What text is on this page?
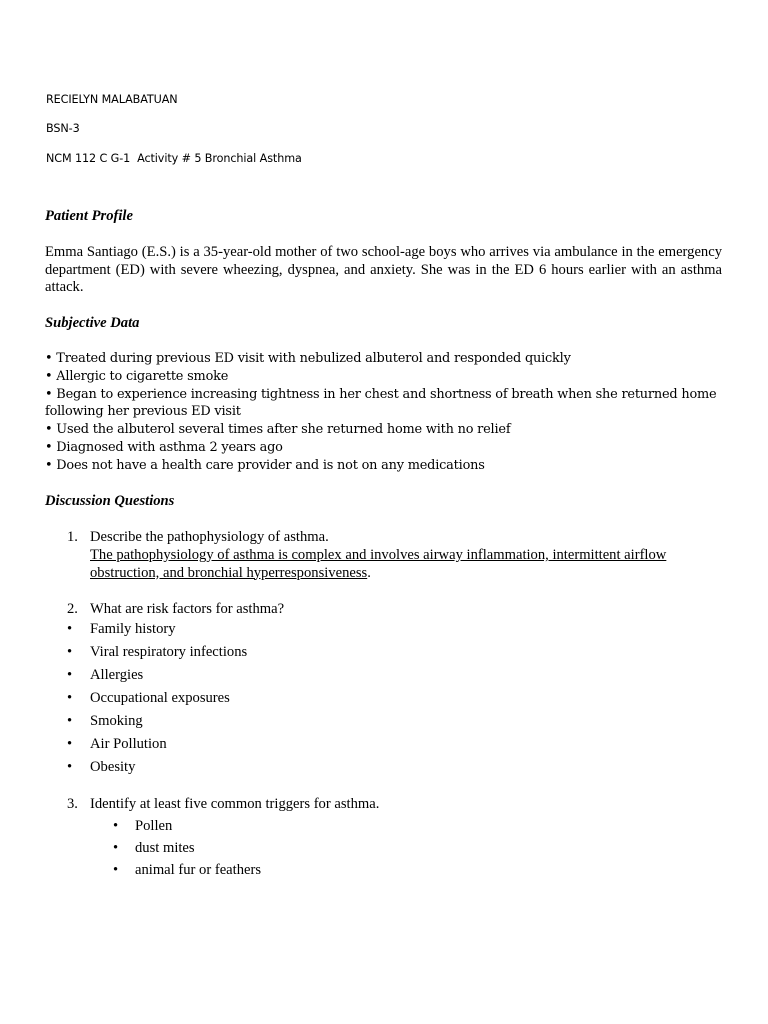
RECIELYN MALABATUAN
BSN-3
NCM 112 C G-1  Activity # 5 Bronchial Asthma
Patient Profile
Emma Santiago (E.S.) is a 35-year-old mother of two school-age boys who arrives via ambulance in the emergency department (ED) with severe wheezing, dyspnea, and anxiety. She was in the ED 6 hours earlier with an asthma attack.
Subjective Data
• Treated during previous ED visit with nebulized albuterol and responded quickly
• Allergic to cigarette smoke
• Began to experience increasing tightness in her chest and shortness of breath when she returned home
following her previous ED visit
• Used the albuterol several times after she returned home with no relief
• Diagnosed with asthma 2 years ago
• Does not have a health care provider and is not on any medications
Discussion Questions
1. Describe the pathophysiology of asthma.
The pathophysiology of asthma is complex and involves airway inflammation, intermittent airflow obstruction, and bronchial hyperresponsiveness.
2. What are risk factors for asthma?
• Family history
• Viral respiratory infections
• Allergies
• Occupational exposures
• Smoking
• Air Pollution
• Obesity
3. Identify at least five common triggers for asthma.
• Pollen
• dust mites
• animal fur or feathers
